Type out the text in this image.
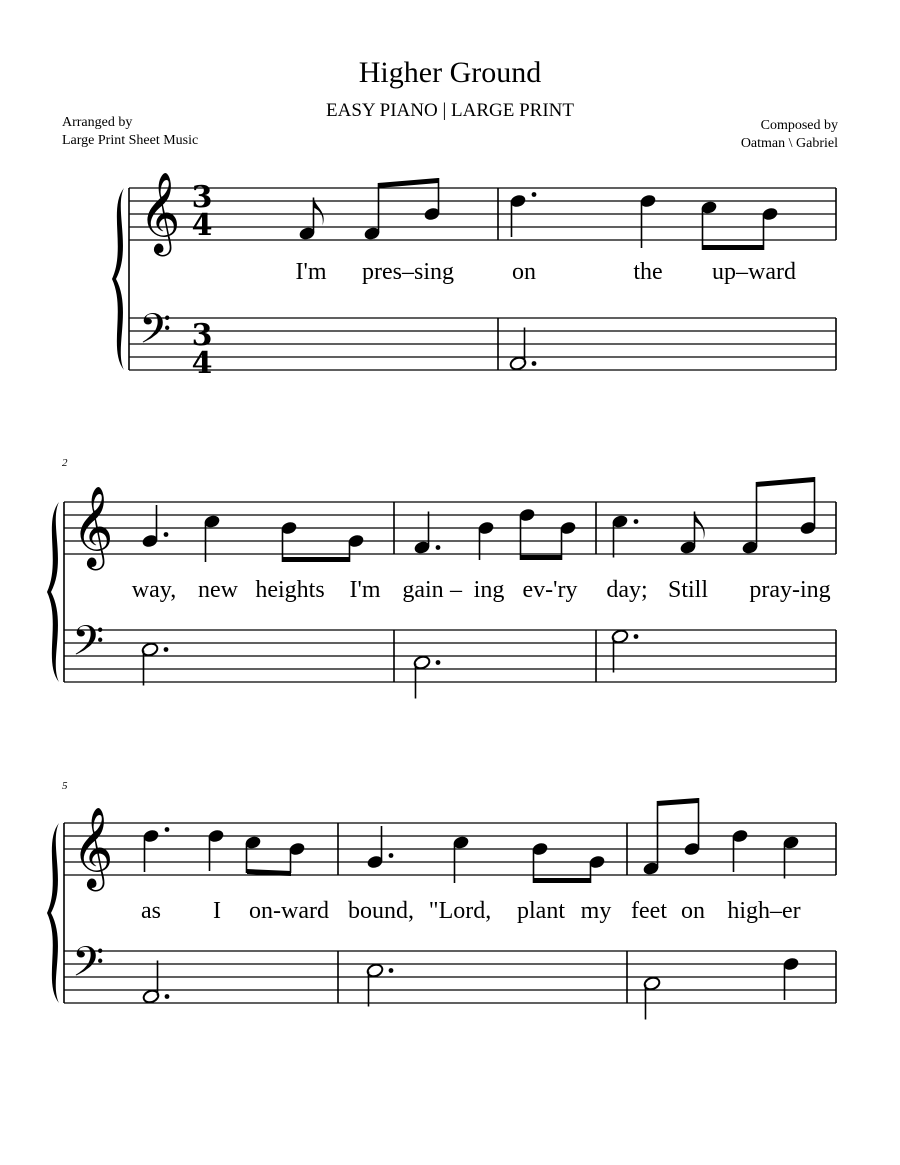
Higher Ground
EASY PIANO | LARGE PRINT
Arranged by
Large Print Sheet Music
Composed by
Oatman \ Gabriel
𝄞
𝄢
𝄞
𝄢
𝄞
𝄢
I'm pres–sing on	the up–ward
way, new heights I'm gain – ing ev-'ry day; Still pray-ing
as I on-ward bound, "Lord, plant my feet on high–er
2
5
3
4
3
4
